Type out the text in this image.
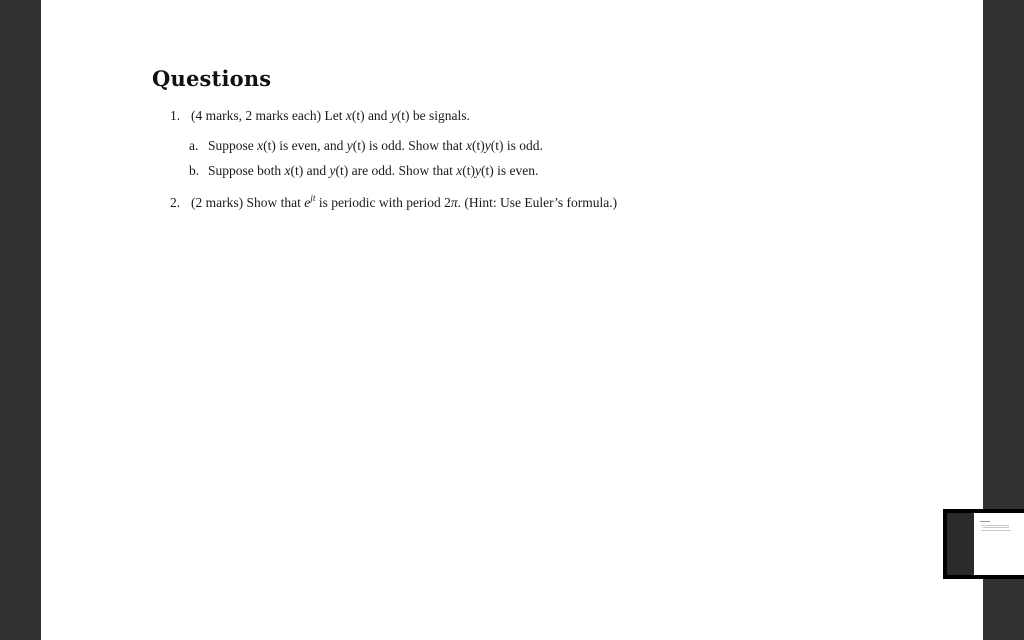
Questions
1. (4 marks, 2 marks each) Let x(t) and y(t) be signals.
a. Suppose x(t) is even, and y(t) is odd. Show that x(t)y(t) is odd.
b. Suppose both x(t) and y(t) are odd. Show that x(t)y(t) is even.
2. (2 marks) Show that $e^{jt}$ is periodic with period 2π. (Hint: Use Euler’s formula.)
